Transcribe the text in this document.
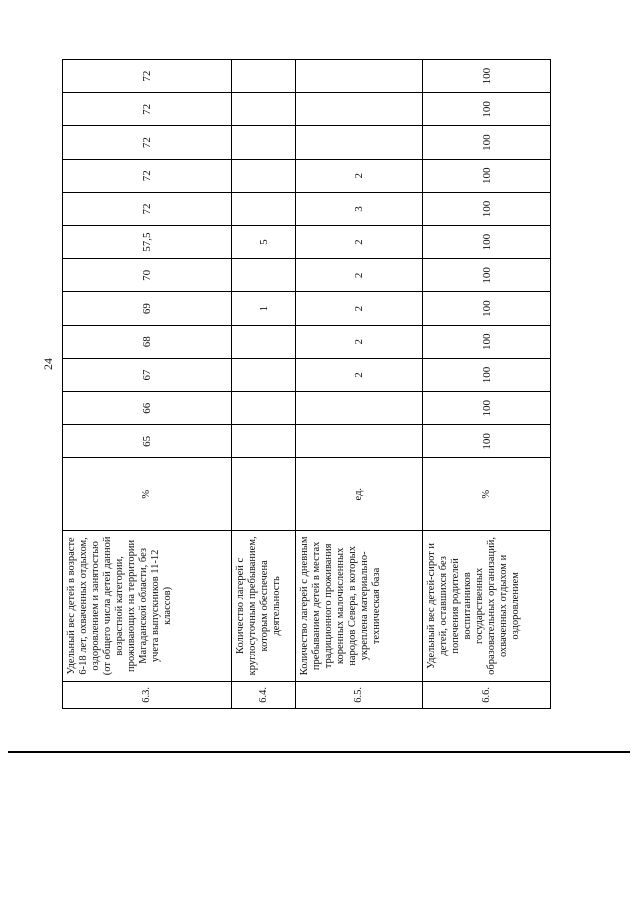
24
6.3.	Удельный вес детей в возрасте 6-18 лет, охваченных отдыхом, оздоровлением и занятостью (от общего числа детей данной возрастной категории, проживающих на территории Магаданской области, без учета выпускников 11-12 классов)	%	65	66	67	68	69	70	57,5	72	72	72	72	72
6.4.	Количество лагерей с круглосуточным пребыванием, которым обеспечена деятельность						1		5					
6.5.	Количество лагерей с дневным пребыванием детей в местах традиционного проживания коренных малочисленных народов Севера, в которых укреплена материально-техническая база	ед.			2	2	2	2	2	3	2			
6.6.	Удельный вес детей-сирот и детей, оставшихся без попечения родителей воспитанников государственных образовательных организаций, охваченных отдыхом и оздоровлением	%	100	100	100	100	100	100	100	100	100	100	100	100
